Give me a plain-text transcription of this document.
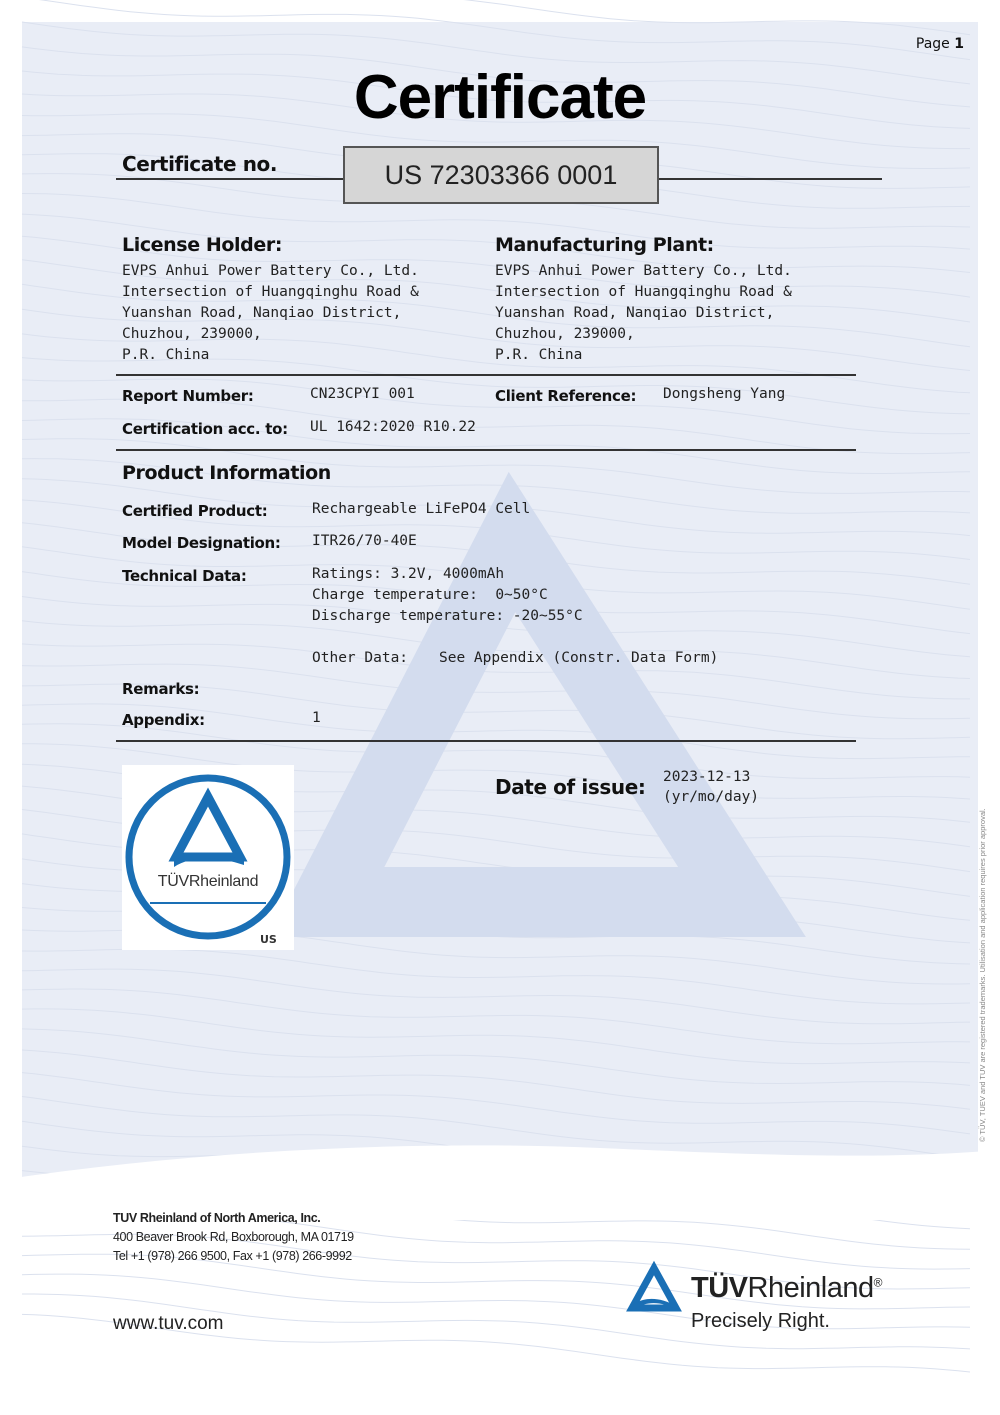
© TÜV, TUEV and TUV are registered trademarks. Utilisation and application requires prior approval.
Page 1
Certificate
Certificate no.	US 72303366 0001
License Holder:
EVPS Anhui Power Battery Co., Ltd.
Intersection of Huangqinghu Road &
Yuanshan Road, Nanqiao District,
Chuzhou, 239000,
P.R. China
Manufacturing Plant:
EVPS Anhui Power Battery Co., Ltd.
Intersection of Huangqinghu Road &
Yuanshan Road, Nanqiao District,
Chuzhou, 239000,
P.R. China
Report Number:	CN23CPYI 001	Client Reference: Dongsheng Yang
Certification acc. to: UL 1642:2020 R10.22
Product Information
Certified Product:	Rechargeable LiFePO4 Cell
Model Designation: ITR26/70-40E
Technical Data:	Ratings: 3.2V, 4000mAh
Charge temperature:  0~50°C
Discharge temperature: -20~55°C
Other Data: See Appendix (Constr. Data Form)
Remarks:
Appendix:	1
TÜVRheinland
US
Date of issue: 2023-12-13
(yr/mo/day)
TUV Rheinland of North America, Inc.
400 Beaver Brook Rd, Boxborough, MA 01719
Tel +1 (978) 266 9500, Fax +1 (978) 266-9992
www.tuv.com
TÜVRheinland®
Precisely Right.
